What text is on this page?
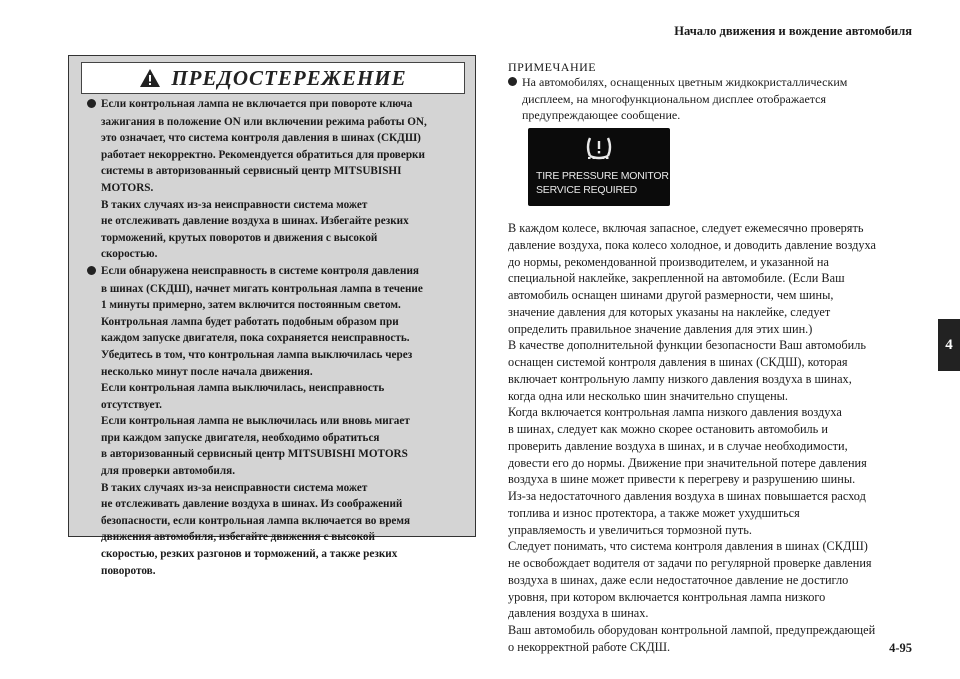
Начало движения и вождение автомобиля
4
ПРЕДОСТЕРЕЖЕНИЕ
Если контрольная лампа не включается при повороте ключа
зажигания в положение ON или включении режима работы ON,
это означает, что система контроля давления в шинах (СКДШ)
работает некорректно. Рекомендуется обратиться для проверки
системы в авторизованный сервисный центр MITSUBISHI
MOTORS.
В таких случаях из-за неисправности система может
не отслеживать давление воздуха в шинах. Избегайте резких
торможений, крутых поворотов и движения с высокой
скоростью.
Если обнаружена неисправность в системе контроля давления
в шинах (СКДШ), начнет мигать контрольная лампа в течение
1 минуты примерно, затем включится постоянным светом.
Контрольная лампа будет работать подобным образом при
каждом запуске двигателя, пока сохраняется неисправность.
Убедитесь в том, что контрольная лампа выключилась через
несколько минут после начала движения.
Если контрольная лампа выключилась, неисправность
отсутствует.
Если контрольная лампа не выключилась или вновь мигает
при каждом запуске двигателя, необходимо обратиться
в авторизованный сервисный центр MITSUBISHI MOTORS
для проверки автомобиля.
В таких случаях из-за неисправности система может
не отслеживать давление воздуха в шинах. Из соображений
безопасности, если контрольная лампа включается во время
движения автомобиля, избегайте движения с высокой
скоростью, резких разгонов и торможений, а также резких
поворотов.
ПРИМЕЧАНИЕ
На автомобилях, оснащенных цветным жидкокристаллическим
дисплеем, на многофункциональном дисплее отображается
предупреждающее сообщение.
TIRE PRESSURE MONITOR
SERVICE REQUIRED
В каждом колесе, включая запасное, следует ежемесячно проверять
давление воздуха, пока колесо холодное, и доводить давление воздуха
до нормы, рекомендованной производителем, и указанной на
специальной наклейке, закрепленной на автомобиле. (Если Ваш
автомобиль оснащен шинами другой размерности, чем шины,
значение давления для которых указаны на наклейке, следует
определить правильное значение давления для этих шин.)
В качестве дополнительной функции безопасности Ваш автомобиль
оснащен системой контроля давления в шинах (СКДШ), которая
включает контрольную лампу низкого давления воздуха в шинах,
когда одна или несколько шин значительно спущены.
Когда включается контрольная лампа низкого давления воздуха
в шинах, следует как можно скорее остановить автомобиль и
проверить давление воздуха в шинах, и в случае необходимости,
довести его до нормы. Движение при значительной потере давления
воздуха в шине может привести к перегреву и разрушению шины.
Из-за недостаточного давления воздуха в шинах повышается расход
топлива и износ протектора, а также может ухудшиться
управляемость и увеличиться тормозной путь.
Следует понимать, что система контроля давления в шинах (СКДШ)
не освобождает водителя от задачи по регулярной проверке давления
воздуха в шинах, даже если недостаточное давление не достигло
уровня, при котором включается контрольная лампа низкого
давления воздуха в шинах.
Ваш автомобиль оборудован контрольной лампой, предупреждающей
о некорректной работе СКДШ.	4-95
